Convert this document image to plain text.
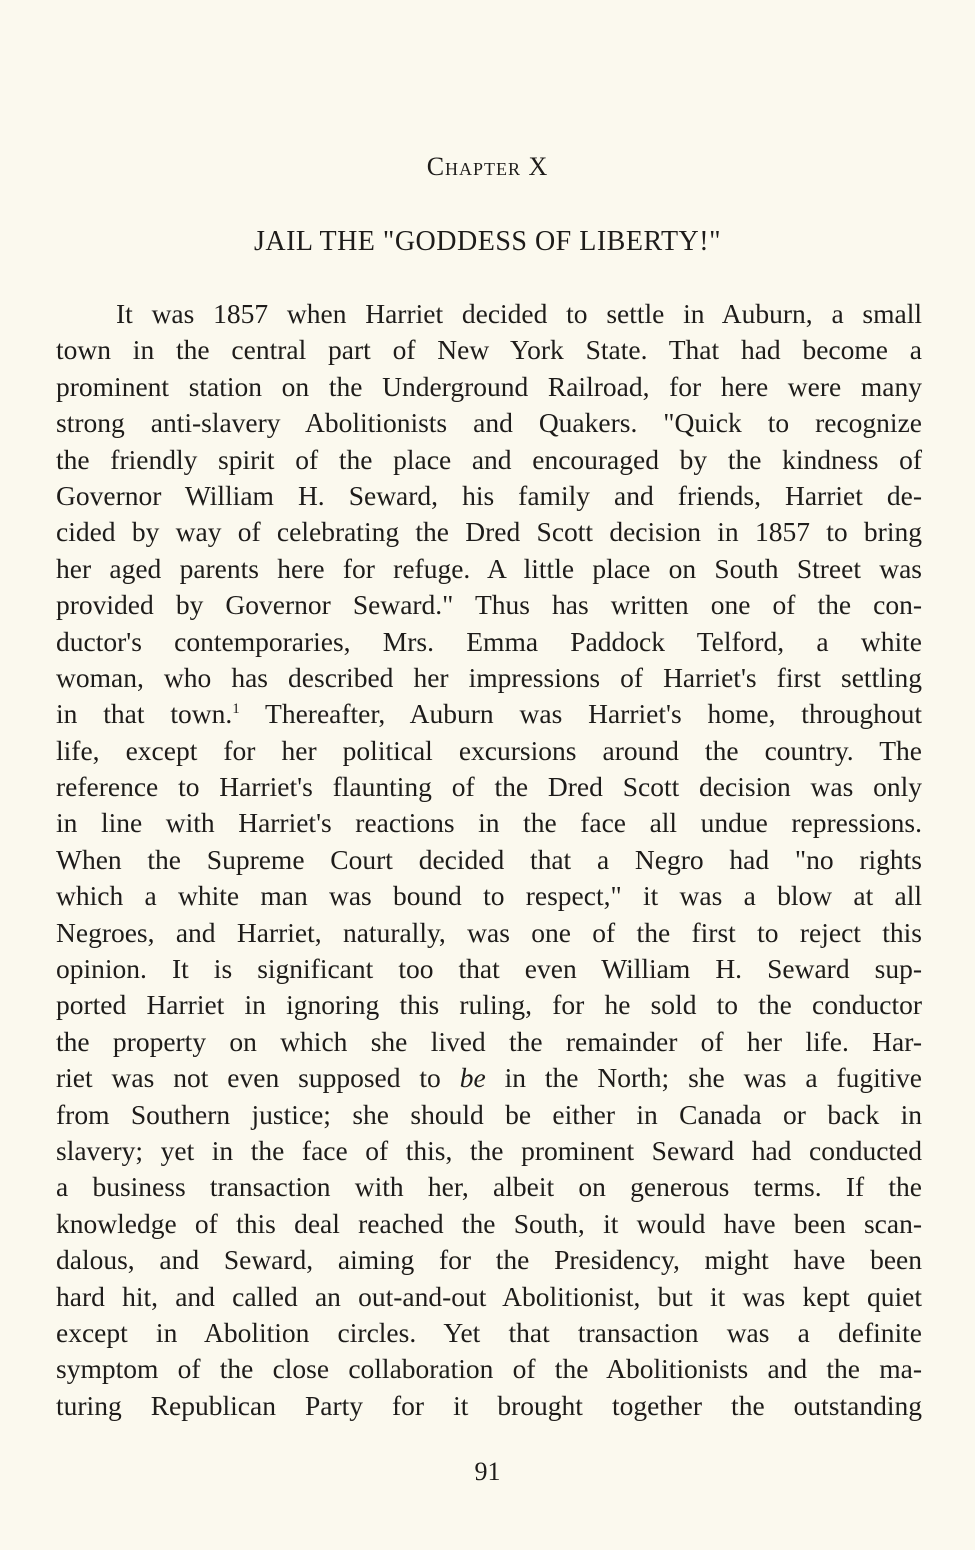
Chapter X
JAIL THE "GODDESS OF LIBERTY!"
It was 1857 when Harriet decided to settle in Auburn, a small
town in the central part of New York State. That had become a
prominent station on the Underground Railroad, for here were many
strong anti-slavery Abolitionists and Quakers. "Quick to recognize
the friendly spirit of the place and encouraged by the kindness of
Governor William H. Seward, his family and friends, Harriet de-
cided by way of celebrating the Dred Scott decision in 1857 to bring
her aged parents here for refuge. A little place on South Street was
provided by Governor Seward." Thus has written one of the con-
ductor's contemporaries, Mrs. Emma Paddock Telford, a white
woman, who has described her impressions of Harriet's first settling
in that town.$^1$ Thereafter, Auburn was Harriet's home, throughout
life, except for her political excursions around the country. The
reference to Harriet's flaunting of the Dred Scott decision was only
in line with Harriet's reactions in the face all undue repressions.
When the Supreme Court decided that a Negro had "no rights
which a white man was bound to respect," it was a blow at all
Negroes, and Harriet, naturally, was one of the first to reject this
opinion. It is significant too that even William H. Seward sup-
ported Harriet in ignoring this ruling, for he sold to the conductor
the property on which she lived the remainder of her life. Har-
riet was not even supposed to be in the North; she was a fugitive
from Southern justice; she should be either in Canada or back in
slavery; yet in the face of this, the prominent Seward had conducted
a business transaction with her, albeit on generous terms. If the
knowledge of this deal reached the South, it would have been scan-
dalous, and Seward, aiming for the Presidency, might have been
hard hit, and called an out-and-out Abolitionist, but it was kept quiet
except in Abolition circles. Yet that transaction was a definite
symptom of the close collaboration of the Abolitionists and the ma-
turing Republican Party for it brought together the outstanding
91
